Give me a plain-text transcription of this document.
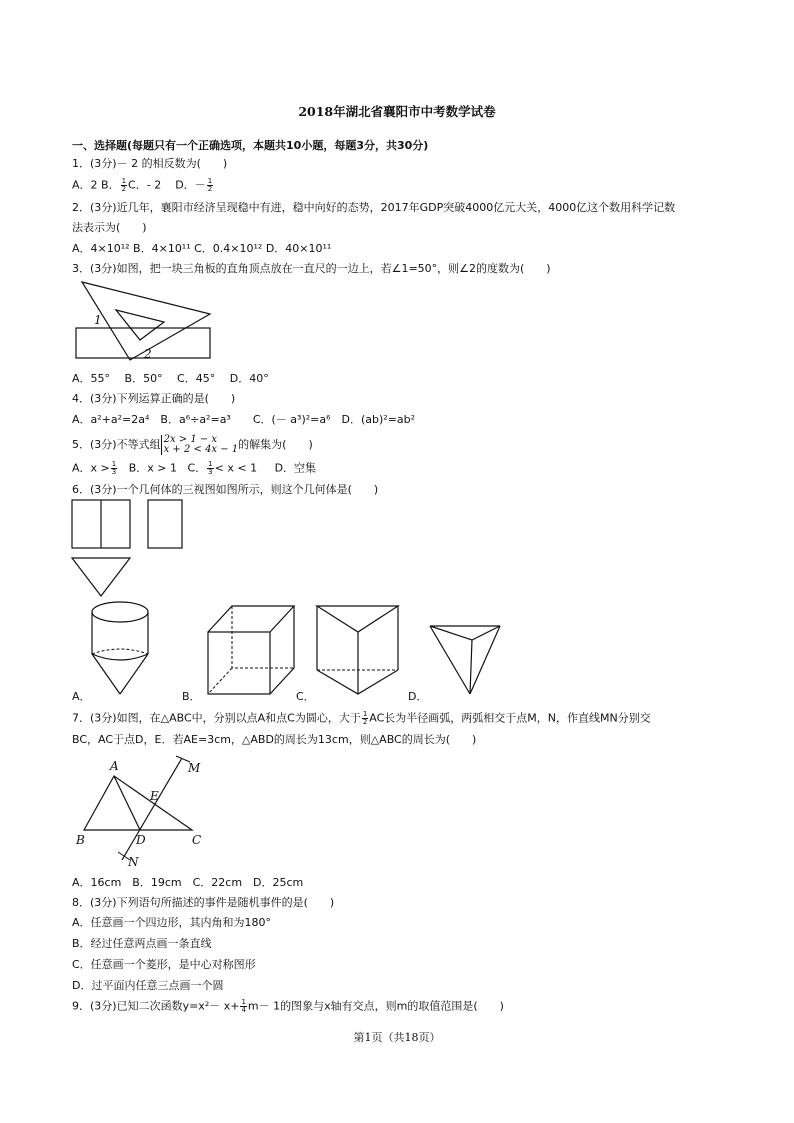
2018年湖北省襄阳市中考数学试卷
一、选择题(每题只有一个正确选项，本题共10小题，每题3分，共30分)
1．(3分)－ 2 的相反数为(　　)
A．2 B． $\frac{1}{2}$ C．- 2 D．－ $\frac{1}{2}$
2．(3分)近几年，襄阳市经济呈现稳中有进，稳中向好的态势，2017年GDP突破4000亿元大关，4000亿这个数用科学记数
法表示为(　　)
A．4×10¹² B．4×10¹¹ C．0.4×10¹² D．40×10¹¹
3．(3分)如图，把一块三角板的直角顶点放在一直尺的一边上，若∠1=50°，则∠2的度数为(　　)
1
2
A．55°　 B．50°　 C．45°　 D．40°
4．(3分)下列运算正确的是(　　)
A．a²+a²=2a⁴　B．a⁶÷a²=a³　　C．(－ a³)²=a⁶　D．(ab)²=ab²
5．(3分)不等式组 2x > 1 − x
x + 2 < 4x − 1 的解集为(　　)
A．$x > \frac{1}{3}$ B．x > 1 C． $\frac{1}{3} < x < 1$ D．空集
6．(3分)一个几何体的三视图如图所示，则这个几何体是(　　)
A．	B．	C．	D．
7．(3分)如图，在△ABC中，分别以点A和点C为圆心，大于 $\frac{1}{2}$ AC长为半径画弧，两弧相交于点M，N，作直线MN分别交
BC，AC于点D，E．若AE=3cm，△ABD的周长为13cm，则△ABC的周长为(　　)
A
B	C
D
E
M
N
A．16cm　B．19cm　C．22cm　D．25cm
8．(3分)下列语句所描述的事件是随机事件的是(　　)
A．任意画一个四边形，其内角和为180°
B．经过任意两点画一条直线
C．任意画一个菱形，是中心对称图形
D．过平面内任意三点画一个圆
9．(3分)已知二次函数$y=x^2- x+ \frac{1}{4} m- 1$的图象与x轴有交点，则m的取值范围是(　　)
第1页（共18页）
